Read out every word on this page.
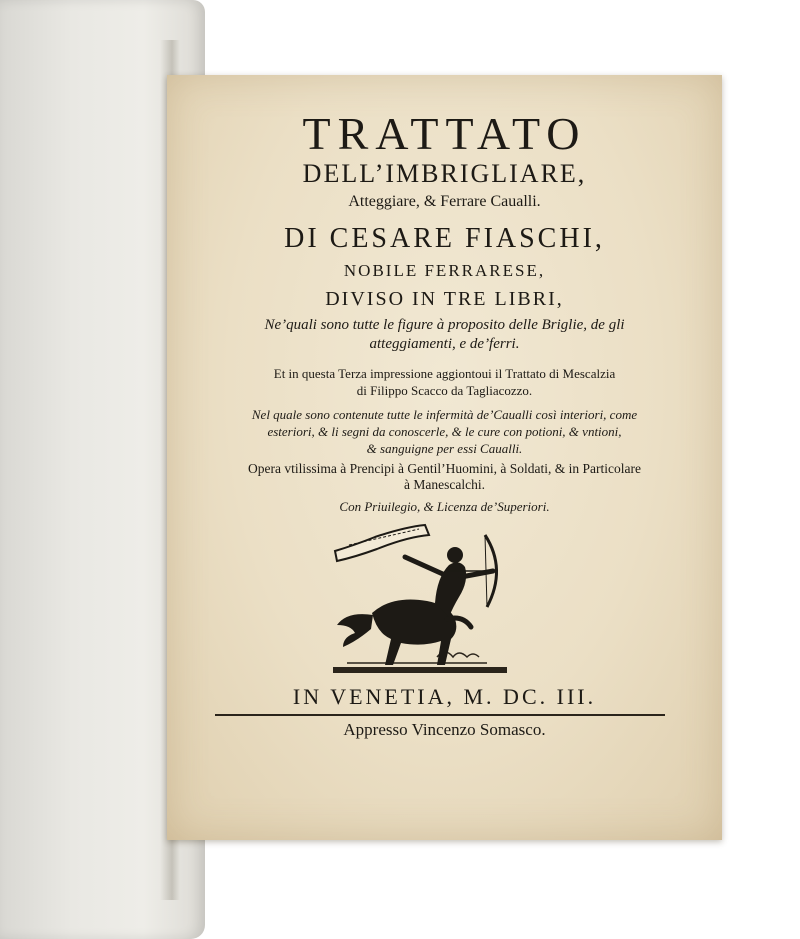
TRATTATO
DELL’IMBRIGLIARE,
Atteggiare, & Ferrare Caualli.
DI CESARE FIASCHI,
NOBILE FERRARESE,
DIVISO IN TRE LIBRI,
Ne’quali sono tutte le figure à proposito delle Briglie, de gli
atteggiamenti, e de’ferri.
Et in questa Terza impressione aggiontoui il Trattato di Mescalzia
di Filippo Scacco da Tagliacozzo.
Nel quale sono contenute tutte le infermità de’Caualli così interiori, come
esteriori, & li segni da conoscerle, & le cure con potioni, & vntioni,
& sanguigne per essi Caualli.
Opera vtilissima à Prencipi à Gentil’Huomini, à Soldati, & in Particolare
à Manescalchi.
Con Priuilegio, & Licenza de’Superiori.
IN VENETIA, M. DC. III.
Appresso Vincenzo Somasco.
